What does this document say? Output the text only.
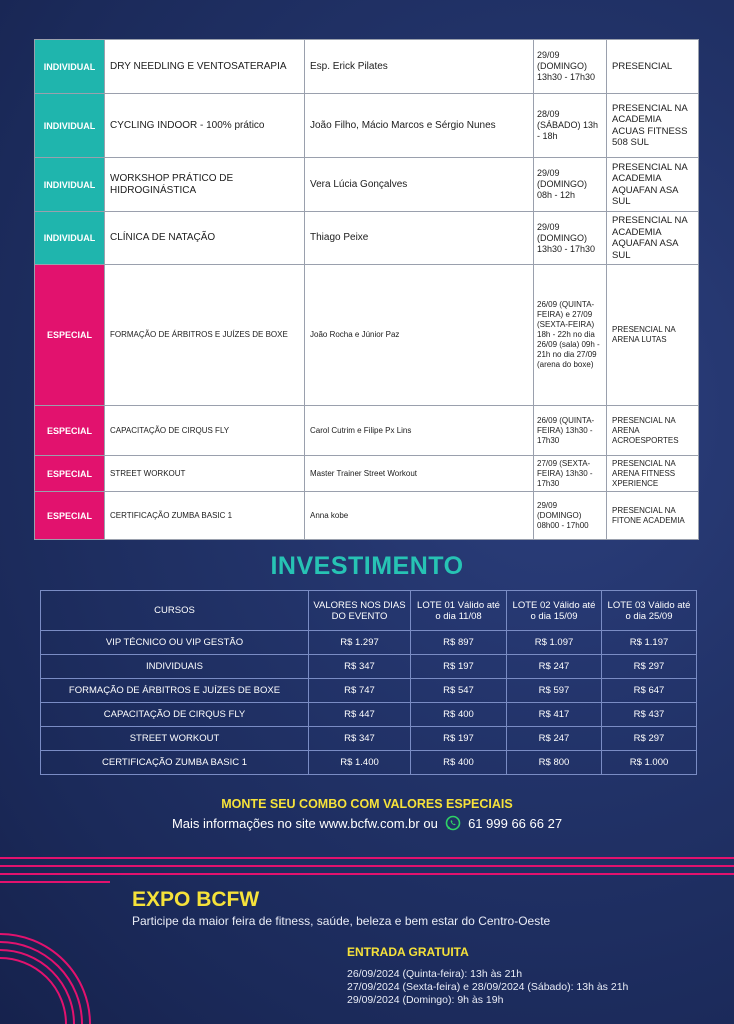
INDIVIDUAL	DRY NEEDLING E VENTOSATERAPIA	Esp. Erick Pilates	29/09 (DOMINGO) 13h30 - 17h30	PRESENCIAL
INDIVIDUAL	CYCLING INDOOR - 100% prático	João Filho, Mácio Marcos e Sérgio Nunes	28/09 (SÁBADO) 13h - 18h	PRESENCIAL NA ACADEMIA ACUAS FITNESS 508 SUL
INDIVIDUAL	WORKSHOP PRÁTICO DE HIDROGINÁSTICA	Vera Lúcia Gonçalves	29/09 (DOMINGO) 08h - 12h	PRESENCIAL NA ACADEMIA AQUAFAN ASA SUL
INDIVIDUAL	CLÍNICA DE NATAÇÃO	Thiago Peixe	29/09 (DOMINGO) 13h30 - 17h30	PRESENCIAL NA ACADEMIA AQUAFAN ASA SUL
ESPECIAL	FORMAÇÃO DE ÁRBITROS E JUÍZES DE BOXE	João Rocha e Júnior Paz	26/09 (QUINTA-FEIRA) e 27/09 (SEXTA-FEIRA) 18h - 22h no dia 26/09 (sala) 09h - 21h no dia 27/09 (arena do boxe)	PRESENCIAL NA ARENA LUTAS
ESPECIAL	CAPACITAÇÃO DE CIRQUS FLY	Carol Cutrim e Filipe Px Lins	26/09 (QUINTA-FEIRA) 13h30 - 17h30	PRESENCIAL NA ARENA ACROESPORTES
ESPECIAL	STREET WORKOUT	Master Trainer Street Workout	27/09 (SEXTA-FEIRA) 13h30 - 17h30	PRESENCIAL NA ARENA FITNESS XPERIENCE
ESPECIAL	CERTIFICAÇÃO ZUMBA BASIC 1	Anna kobe	29/09 (DOMINGO) 08h00 - 17h00	PRESENCIAL NA FITONE ACADEMIA
INVESTIMENTO
CURSOS	VALORES NOS DIAS DO EVENTO	LOTE 01 Válido até o dia 11/08	LOTE 02 Válido até o dia 15/09	LOTE 03 Válido até o dia 25/09
VIP TÉCNICO OU VIP GESTÃO	R$ 1.297	R$ 897	R$ 1.097	R$ 1.197
INDIVIDUAIS	R$ 347	R$ 197	R$ 247	R$ 297
FORMAÇÃO DE ÁRBITROS E JUÍZES DE BOXE	R$ 747	R$ 547	R$ 597	R$ 647
CAPACITAÇÃO DE CIRQUS FLY	R$ 447	R$ 400	R$ 417	R$ 437
STREET WORKOUT	R$ 347	R$ 197	R$ 247	R$ 297
CERTIFICAÇÃO ZUMBA BASIC 1	R$ 1.400	R$ 400	R$ 800	R$ 1.000
MONTE SEU COMBO COM VALORES ESPECIAIS
Mais informações no site www.bcfw.com.br ou 61 999 66 66 27
EXPO BCFW
Participe da maior feira de fitness, saúde, beleza e bem estar do Centro-Oeste
ENTRADA GRATUITA
26/09/2024 (Quinta-feira): 13h às 21h
27/09/2024 (Sexta-feira) e 28/09/2024 (Sábado): 13h às 21h
29/09/2024 (Domingo): 9h às 19h
